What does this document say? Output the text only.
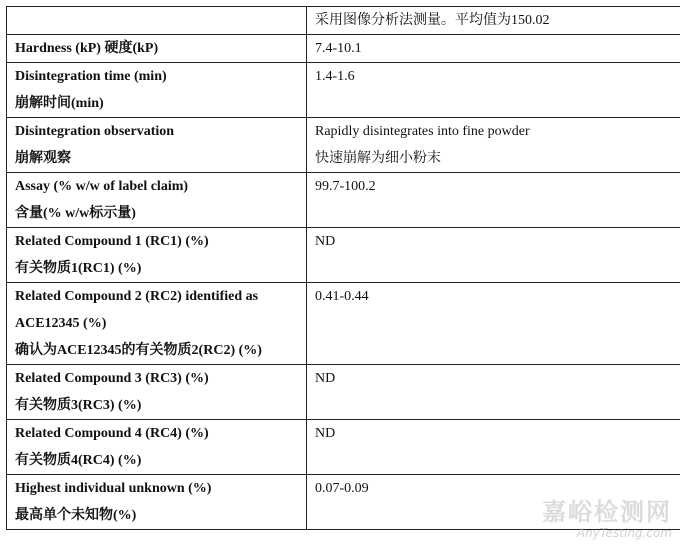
	采用图像分析法测量。平均值为150.02

Hardness (kP) 硬度(kP)	7.4-10.1

Disintegration time (min)
崩解时间(min)	1.4-1.6

Disintegration observation
崩解观察	Rapidly disintegrates into fine powder
快速崩解为细小粉末

Assay (% w/w of label claim)
含量(% w/w标示量)	99.7-100.2

Related Compound 1 (RC1) (%)
有关物质1(RC1) (%)	ND

Related Compound 2 (RC2) identified as
ACE12345 (%)
确认为ACE12345的有关物质2(RC2) (%)	0.41-0.44

Related Compound 3 (RC3) (%)
有关物质3(RC3) (%)	ND

Related Compound 4 (RC4) (%)
有关物质4(RC4) (%)	ND

Highest individual unknown (%)
最高单个未知物(%)	0.07-0.09
嘉峪检测网
AnyTesting.com
